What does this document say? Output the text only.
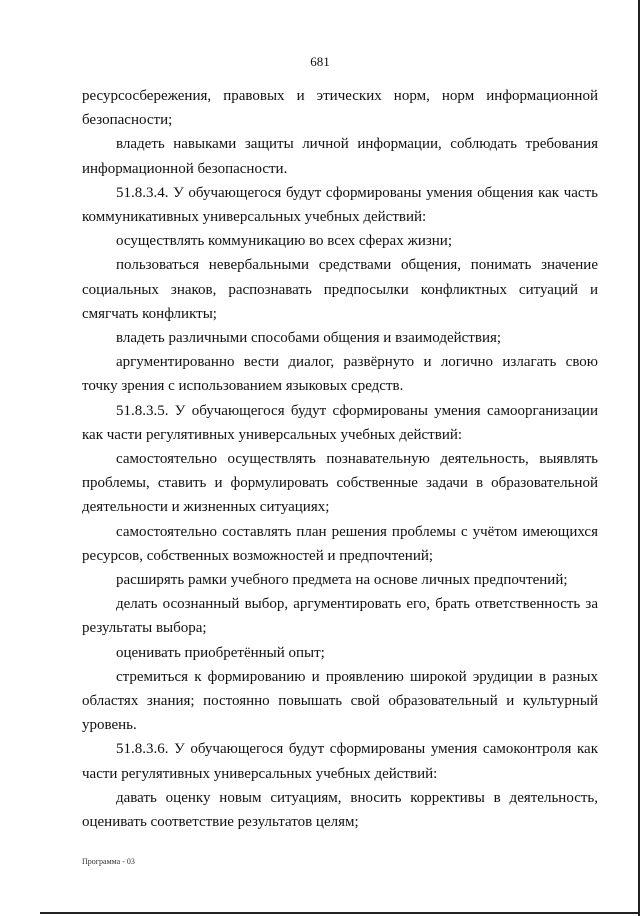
681

ресурсосбережения, правовых и этических норм, норм информационной безопасности;

владеть навыками защиты личной информации, соблюдать требования информационной безопасности.

51.8.3.4. У обучающегося будут сформированы умения общения как часть коммуникативных универсальных учебных действий:

осуществлять коммуникацию во всех сферах жизни;

пользоваться невербальными средствами общения, понимать значение социальных знаков, распознавать предпосылки конфликтных ситуаций и смягчать конфликты;

владеть различными способами общения и взаимодействия;

аргументированно вести диалог, развёрнуто и логично излагать свою точку зрения с использованием языковых средств.

51.8.3.5. У обучающегося будут сформированы умения самоорганизации как части регулятивных универсальных учебных действий:

самостоятельно осуществлять познавательную деятельность, выявлять проблемы, ставить и формулировать собственные задачи в образовательной деятельности и жизненных ситуациях;

самостоятельно составлять план решения проблемы с учётом имеющихся ресурсов, собственных возможностей и предпочтений;

расширять рамки учебного предмета на основе личных предпочтений;

делать осознанный выбор, аргументировать его, брать ответственность за результаты выбора;

оценивать приобретённый опыт;

стремиться к формированию и проявлению широкой эрудиции в разных областях знания; постоянно повышать свой образовательный и культурный уровень.

51.8.3.6. У обучающегося будут сформированы умения самоконтроля как части регулятивных универсальных учебных действий:

давать оценку новым ситуациям, вносить коррективы в деятельность, оценивать соответствие результатов целям;

Программа - 03
